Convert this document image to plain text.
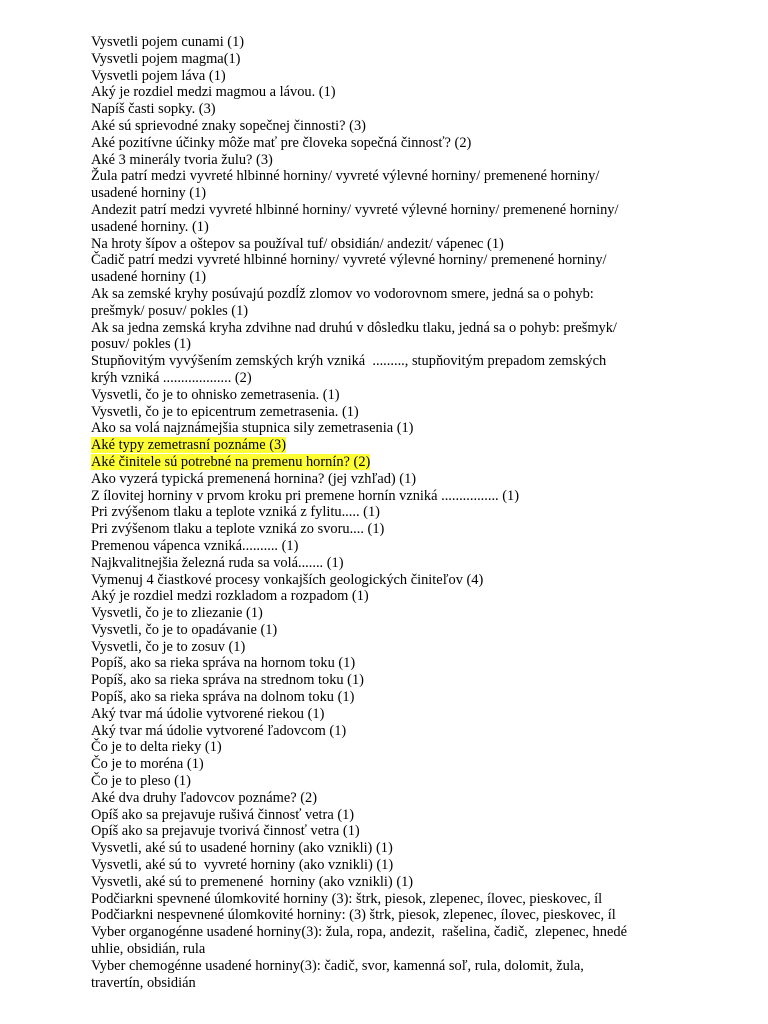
Vysvetli pojem cunami (1)
Vysvetli pojem magma(1)
Vysvetli pojem láva (1)
Aký je rozdiel medzi magmou a lávou. (1)
Napíš časti sopky. (3)
Aké sú sprievodné znaky sopečnej činnosti? (3)
Aké pozitívne účinky môže mať pre človeka sopečná činnosť? (2)
Aké 3 minerály tvoria žulu? (3)
Žula patrí medzi vyvreté hlbinné horniny/ vyvreté výlevné horniny/ premenené horniny/
usadené horniny (1)
Andezit patrí medzi vyvreté hlbinné horniny/ vyvreté výlevné horniny/ premenené horniny/
usadené horniny. (1)
Na hroty šípov a oštepov sa používal tuf/ obsidián/ andezit/ vápenec (1)
Čadič patrí medzi vyvreté hlbinné horniny/ vyvreté výlevné horniny/ premenené horniny/
usadené horniny (1)
Ak sa zemské kryhy posúvajú pozdĺž zlomov vo vodorovnom smere, jedná sa o pohyb:
prešmyk/ posuv/ pokles (1)
Ak sa jedna zemská kryha zdvihne nad druhú v dôsledku tlaku, jedná sa o pohyb: prešmyk/
posuv/ pokles (1)
Stupňovitým vyvýšením zemských krýh vzniká  ........., stupňovitým prepadom zemských
krýh vzniká ................... (2)
Vysvetli, čo je to ohnisko zemetrasenia. (1)
Vysvetli, čo je to epicentrum zemetrasenia. (1)
Ako sa volá najznámejšia stupnica sily zemetrasenia (1)
Aké typy zemetrasní poznáme (3)
Aké činitele sú potrebné na premenu hornín? (2)
Ako vyzerá typická premenená hornina? (jej vzhľad) (1)
Z ílovitej horniny v prvom kroku pri premene hornín vzniká ................ (1)
Pri zvýšenom tlaku a teplote vzniká z fylitu..... (1)
Pri zvýšenom tlaku a teplote vzniká zo svoru.... (1)
Premenou vápenca vzniká.......... (1)
Najkvalitnejšia železná ruda sa volá....... (1)
Vymenuj 4 čiastkové procesy vonkajších geologických činiteľov (4)
Aký je rozdiel medzi rozkladom a rozpadom (1)
Vysvetli, čo je to zliezanie (1)
Vysvetli, čo je to opadávanie (1)
Vysvetli, čo je to zosuv (1)
Popíš, ako sa rieka správa na hornom toku (1)
Popíš, ako sa rieka správa na strednom toku (1)
Popíš, ako sa rieka správa na dolnom toku (1)
Aký tvar má údolie vytvorené riekou (1)
Aký tvar má údolie vytvorené ľadovcom (1)
Čo je to delta rieky (1)
Čo je to moréna (1)
Čo je to pleso (1)
Aké dva druhy ľadovcov poznáme? (2)
Opíš ako sa prejavuje rušivá činnosť vetra (1)
Opíš ako sa prejavuje tvorivá činnosť vetra (1)
Vysvetli, aké sú to usadené horniny (ako vznikli) (1)
Vysvetli, aké sú to  vyvreté horniny (ako vznikli) (1)
Vysvetli, aké sú to premenené  horniny (ako vznikli) (1)
Podčiarkni spevnené úlomkovité horniny (3): štrk, piesok, zlepenec, ílovec, pieskovec, íl
Podčiarkni nespevnené úlomkovité horniny: (3) štrk, piesok, zlepenec, ílovec, pieskovec, íl
Vyber organogénne usadené horniny(3): žula, ropa, andezit,  rašelina, čadič,  zlepenec, hnedé
uhlie, obsidián, rula
Vyber chemogénne usadené horniny(3): čadič, svor, kamenná soľ, rula, dolomit, žula,
travertín, obsidián
